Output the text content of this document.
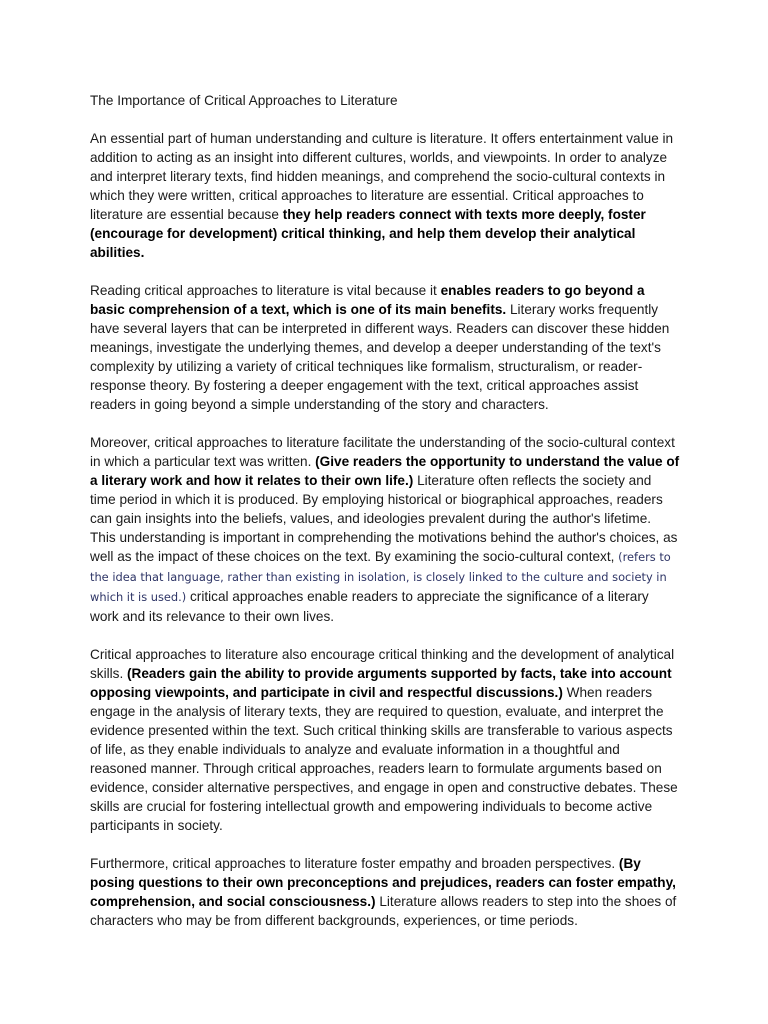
The Importance of Critical Approaches to Literature

An essential part of human understanding and culture is literature. It offers entertainment value in addition to acting as an insight into different cultures, worlds, and viewpoints. In order to analyze and interpret literary texts, find hidden meanings, and comprehend the socio-cultural contexts in which they were written, critical approaches to literature are essential. Critical approaches to literature are essential because they help readers connect with texts more deeply, foster (encourage for development) critical thinking, and help them develop their analytical abilities.

Reading critical approaches to literature is vital because it enables readers to go beyond a basic comprehension of a text, which is one of its main benefits. Literary works frequently have several layers that can be interpreted in different ways. Readers can discover these hidden meanings, investigate the underlying themes, and develop a deeper understanding of the text's complexity by utilizing a variety of critical techniques like formalism, structuralism, or reader-response theory. By fostering a deeper engagement with the text, critical approaches assist readers in going beyond a simple understanding of the story and characters.

Moreover, critical approaches to literature facilitate the understanding of the socio-cultural context in which a particular text was written. (Give readers the opportunity to understand the value of a literary work and how it relates to their own life.) Literature often reflects the society and time period in which it is produced. By employing historical or biographical approaches, readers can gain insights into the beliefs, values, and ideologies prevalent during the author's lifetime. This understanding is important in comprehending the motivations behind the author's choices, as well as the impact of these choices on the text. By examining the socio-cultural context, (refers to the idea that language, rather than existing in isolation, is closely linked to the culture and society in which it is used.) critical approaches enable readers to appreciate the significance of a literary work and its relevance to their own lives.

Critical approaches to literature also encourage critical thinking and the development of analytical skills. (Readers gain the ability to provide arguments supported by facts, take into account opposing viewpoints, and participate in civil and respectful discussions.) When readers engage in the analysis of literary texts, they are required to question, evaluate, and interpret the evidence presented within the text. Such critical thinking skills are transferable to various aspects of life, as they enable individuals to analyze and evaluate information in a thoughtful and reasoned manner. Through critical approaches, readers learn to formulate arguments based on evidence, consider alternative perspectives, and engage in open and constructive debates. These skills are crucial for fostering intellectual growth and empowering individuals to become active participants in society.

Furthermore, critical approaches to literature foster empathy and broaden perspectives. (By posing questions to their own preconceptions and prejudices, readers can foster empathy, comprehension, and social consciousness.) Literature allows readers to step into the shoes of characters who may be from different backgrounds, experiences, or time periods.
